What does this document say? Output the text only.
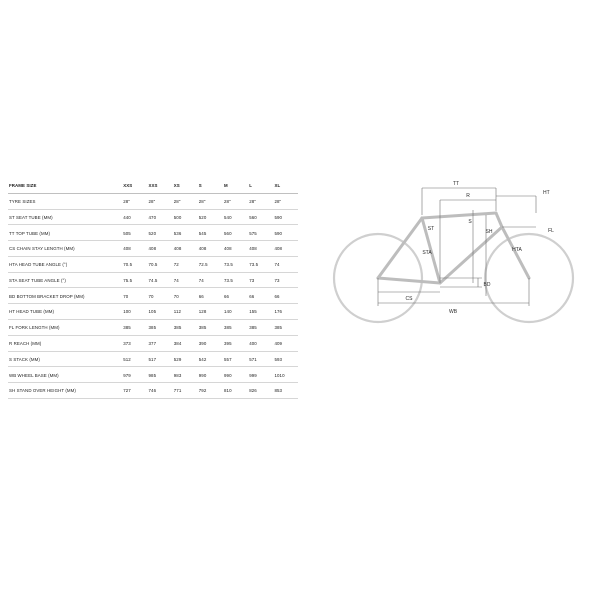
FRAME SIZE	XXS	XXS	XS	S	M	L	XL
TYRE SIZES	28"	28"	28"	28"	28"	28"	28"
ST SEAT TUBE (MM)	440	470	500	520	540	560	590
TT TOP TUBE (MM)	505	520	536	545	560	575	590
CS CHAIN STAY LENGTH (MM)	408	408	408	408	408	408	408
HTA HEAD TUBE ANGLE (°)	70.5	70.5	72	72.5	73.5	73.5	74
STA SEAT TUBE ANGLE (°)	75.5	74.5	74	74	73.5	73	73
BD BOTTOM BRACKET DROP (MM)	70	70	70	66	66	66	66
HT HEAD TUBE (MM)	100	105	112	128	140	155	176
FL FORK LENGTH (MM)	385	385	385	385	385	385	385
R REACH (MM)	373	377	384	390	395	400	409
S STACK (MM)	512	517	529	542	557	571	593
WB WHEEL BASE (MM)	979	985	983	990	990	999	1010
SH STAND OVER HEIGHT (MM)	727	746	771	792	810	826	853
TT
R	HT
ST
S
SH	FL
STA	HTA
CS
BD
WB
